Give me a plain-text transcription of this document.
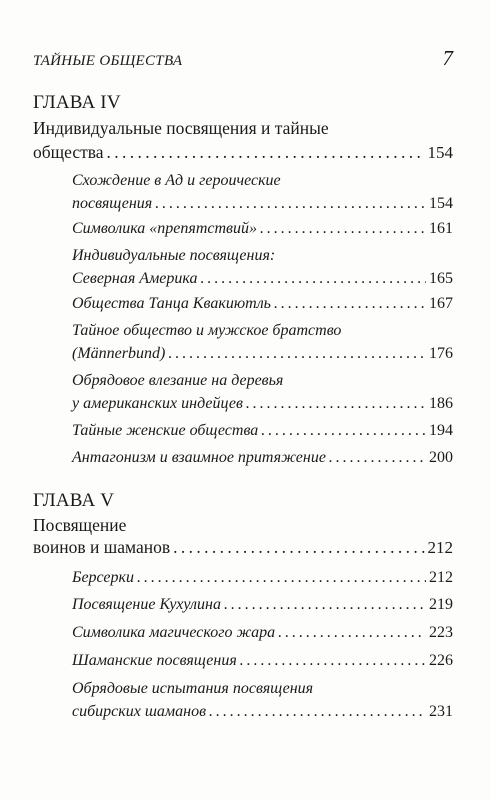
ТАЙНЫЕ ОБЩЕСТВА	7
ГЛАВА IV
Индивидуальные посвящения и тайные
общества . . .	154
Схождение в Ад и героические
посвящения . . .	154
Символика «препятствий» . . .	161
Индивидуальные посвящения:
Северная Америка . . .	165
Общества Танца Квакиютль . . .	167
Тайное общество и мужское братство
(Männerbund) . . .	176
Обрядовое влезание на деревья
у американских индейцев . . .	186
Тайные женские общества . . .	194
Антагонизм и взаимное притяжение . . .	200
ГЛАВА V
Посвящение
воинов и шаманов . . .	212
Берсерки . . .	212
Посвящение Кухулина . . .	219
Символика магического жара . . .	223
Шаманские посвящения . . .	226
Обрядовые испытания посвящения
сибирских шаманов . . .	231
